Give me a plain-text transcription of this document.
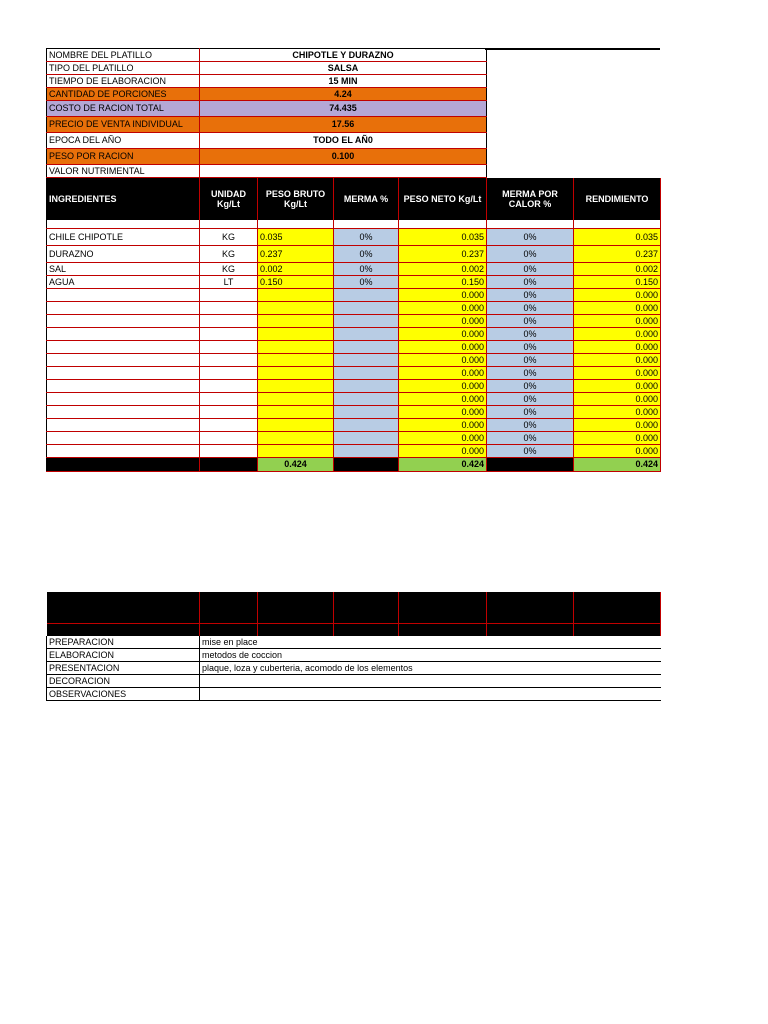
NOMBRE DEL PLATILLO	CHIPOTLE Y DURAZNO
TIPO DEL PLATILLO	SALSA
TIEMPO DE ELABORACION	15 MIN
CANTIDAD DE PORCIONES	4.24
COSTO DE RACION TOTAL	74.435
PRECIO DE VENTA INDIVIDUAL	17.56
EPOCA DEL AÑO	TODO EL AÑ0
PESO POR RACION	0.100
VALOR NUTRIMENTAL	
INGREDIENTES	UNIDAD Kg/Lt	PESO BRUTO Kg/Lt	MERMA %	PESO NETO Kg/Lt	MERMA POR CALOR %	RENDIMIENTO

CHILE CHIPOTLE	KG	0.035	0%	0.035	0%	0.035
DURAZNO	KG	0.237	0%	0.237	0%	0.237
SAL	KG	0.002	0%	0.002	0%	0.002
AGUA	LT	0.150	0%	0.150	0%	0.150
				0.000	0%	0.000
				0.000	0%	0.000
				0.000	0%	0.000
				0.000	0%	0.000
				0.000	0%	0.000
				0.000	0%	0.000
				0.000	0%	0.000
				0.000	0%	0.000
				0.000	0%	0.000
				0.000	0%	0.000
				0.000	0%	0.000
				0.000	0%	0.000
				0.000	0%	0.000
		0.424		0.424		0.424

PREPARACION	mise en place					
ELABORACION	metodos de coccion					
PRESENTACION	plaque, loza y cuberteria, acomodo de los elementos					
DECORACION						
OBSERVACIONES						
